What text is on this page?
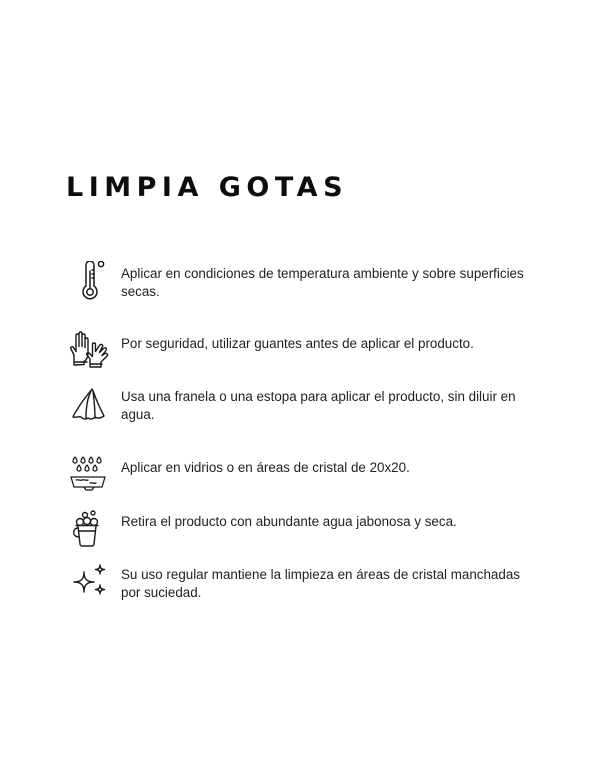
LIMPIA GOTAS
Aplicar en condiciones de temperatura ambiente y sobre superficies secas.
Por seguridad, utilizar guantes antes de aplicar el producto.
Usa una franela o una estopa para aplicar el producto, sin diluir en agua.
Aplicar en vidrios o en áreas de cristal de 20x20.
Retira el producto con abundante agua jabonosa y seca.
Su uso regular mantiene la limpieza en áreas de cristal manchadas por suciedad.
